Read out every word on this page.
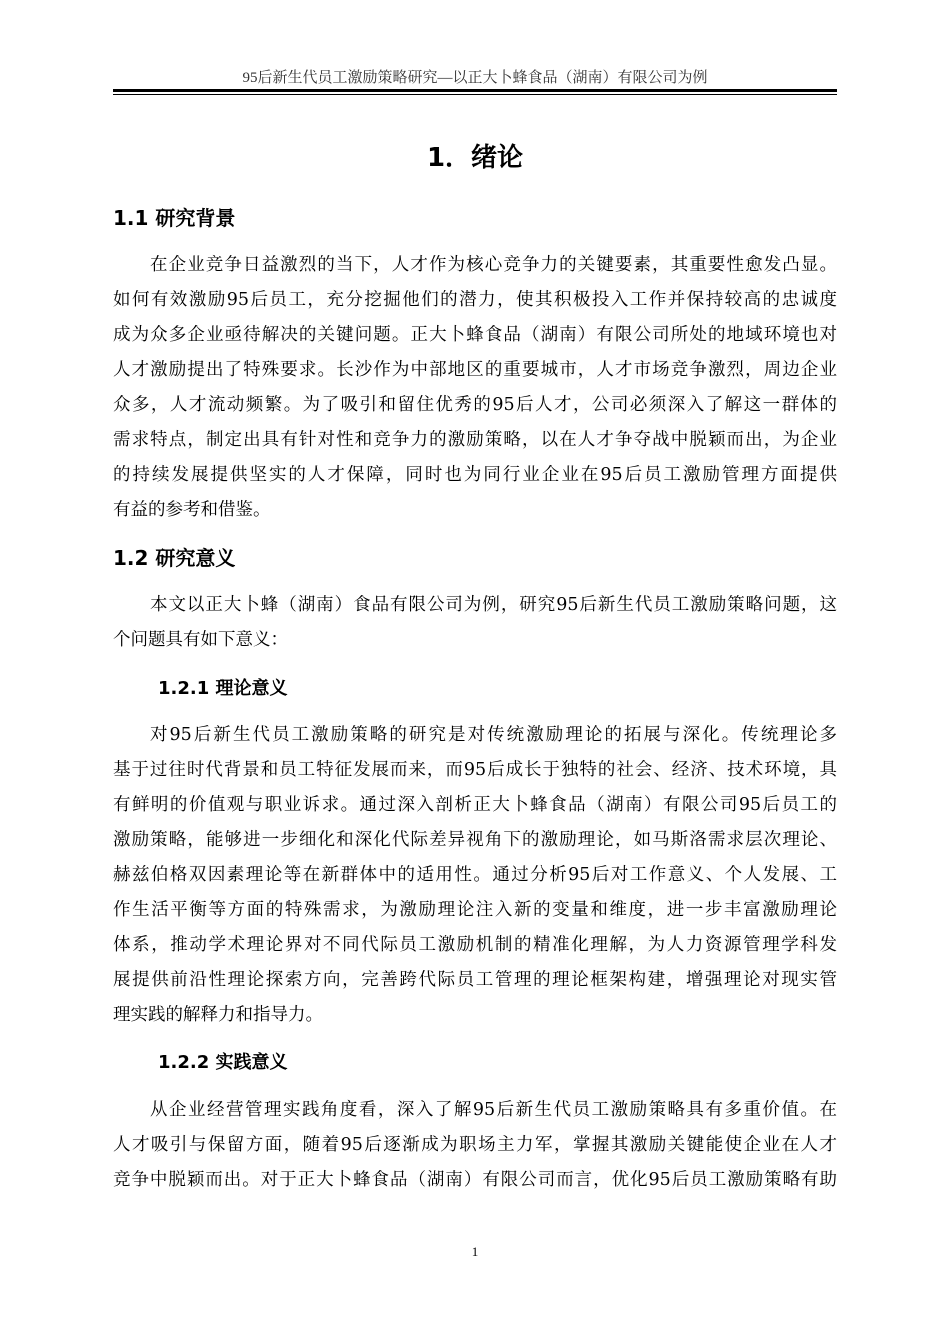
95后新生代员工激励策略研究—以正大卜蜂食品（湖南）有限公司为例
1．绪论
1.1 研究背景
在企业竞争日益激烈的当下，人才作为核心竞争力的关键要素，其重要性愈发凸显。
如何有效激励95后员工，充分挖掘他们的潜力，使其积极投入工作并保持较高的忠诚度
成为众多企业亟待解决的关键问题。正大卜蜂食品（湖南）有限公司所处的地域环境也对
人才激励提出了特殊要求。长沙作为中部地区的重要城市，人才市场竞争激烈，周边企业
众多，人才流动频繁。为了吸引和留住优秀的95后人才，公司必须深入了解这一群体的
需求特点，制定出具有针对性和竞争力的激励策略，以在人才争夺战中脱颖而出，为企业
的持续发展提供坚实的人才保障，同时也为同行业企业在95后员工激励管理方面提供
有益的参考和借鉴。
1.2 研究意义
本文以正大卜蜂（湖南）食品有限公司为例，研究95后新生代员工激励策略问题，这
个问题具有如下意义：
1.2.1 理论意义
对95后新生代员工激励策略的研究是对传统激励理论的拓展与深化。传统理论多
基于过往时代背景和员工特征发展而来，而95后成长于独特的社会、经济、技术环境，具
有鲜明的价值观与职业诉求。通过深入剖析正大卜蜂食品（湖南）有限公司95后员工的
激励策略，能够进一步细化和深化代际差异视角下的激励理论，如马斯洛需求层次理论、
赫兹伯格双因素理论等在新群体中的适用性。通过分析95后对工作意义、个人发展、工
作生活平衡等方面的特殊需求，为激励理论注入新的变量和维度，进一步丰富激励理论
体系，推动学术理论界对不同代际员工激励机制的精准化理解，为人力资源管理学科发
展提供前沿性理论探索方向，完善跨代际员工管理的理论框架构建，增强理论对现实管
理实践的解释力和指导力。
1.2.2 实践意义
从企业经营管理实践角度看，深入了解95后新生代员工激励策略具有多重价值。在
人才吸引与保留方面，随着95后逐渐成为职场主力军，掌握其激励关键能使企业在人才
竞争中脱颖而出。对于正大卜蜂食品（湖南）有限公司而言，优化95后员工激励策略有助
1
